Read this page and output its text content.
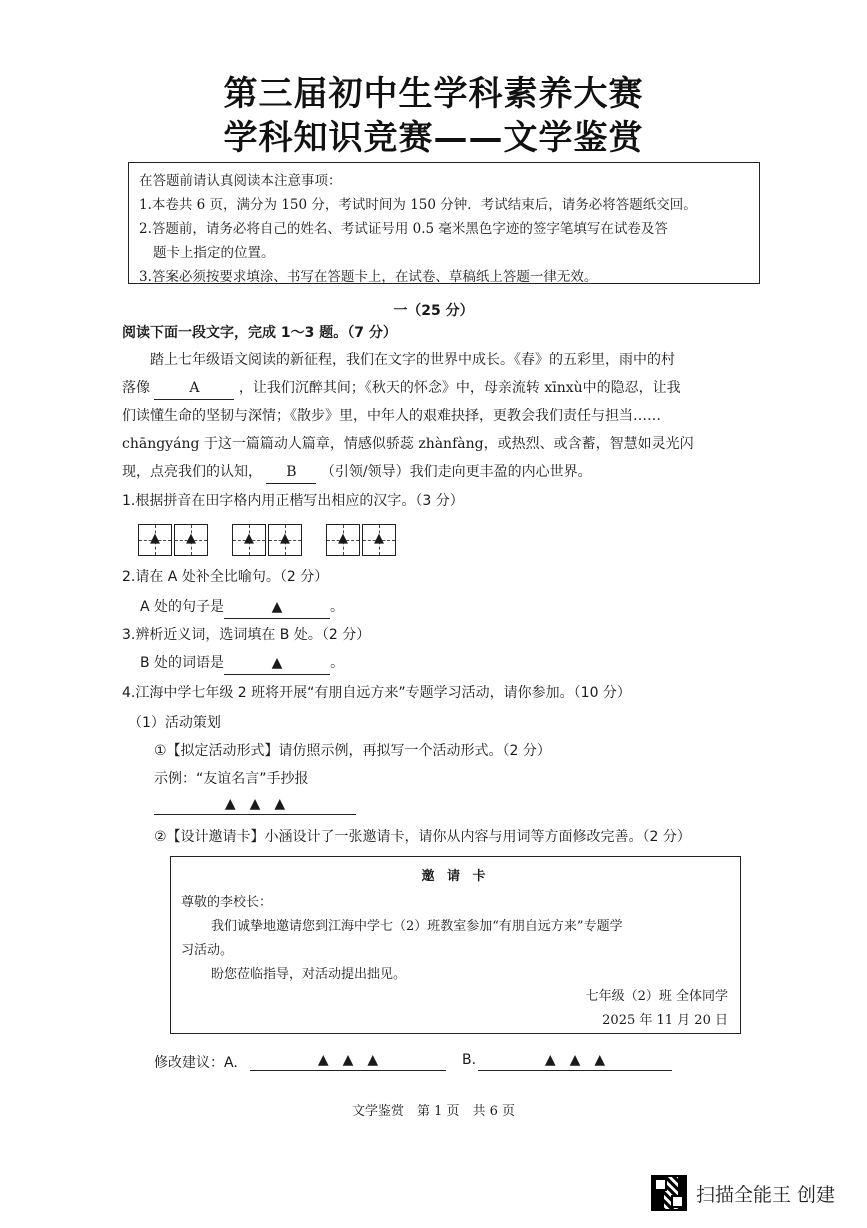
第三届初中生学科素养大赛
学科知识竞赛——文学鉴赏
在答题前请认真阅读本注意事项：
1.本卷共 6 页，满分为 150 分，考试时间为 150 分钟．考试结束后，请务必将答题纸交回。
2.答题前，请务必将自己的姓名、考试证号用 0.5 毫米黑色字迹的签字笔填写在试卷及答
题卡上指定的位置。
3.答案必须按要求填涂、书写在答题卡上，在试卷、草稿纸上答题一律无效。
一（25 分）
阅读下面一段文字，完成 1～3 题。（7 分）
踏上七年级语文阅读的新征程，我们在文字的世界中成长。《春》的五彩里，雨中的村
落像	A	，让我们沉醉其间；《秋天的怀念》中，母亲流转 xīnxù中的隐忍，让我
们读懂生命的坚韧与深情；《散步》里，中年人的艰难抉择，更教会我们责任与担当……
chāngyáng 于这一篇篇动人篇章，情感似骄蕊 zhànfàng，或热烈、或含蓄，智慧如灵光闪
现，点亮我们的认知， B （引领/领导）我们走向更丰盈的内心世界。
1.根据拼音在田字格内用正楷写出相应的汉字。（3 分）
▲	▲	▲	▲	▲	▲
2.请在 A 处补全比喻句。（2 分）
A 处的句子是	▲	。
3.辨析近义词，选词填在 B 处。（2 分）
B 处的词语是	▲	。
4.江海中学七年级 2 班将开展“有朋自远方来”专题学习活动，请你参加。（10 分）
（1）活动策划
①【拟定活动形式】请仿照示例，再拟写一个活动形式。（2 分）
示例：“友谊名言”手抄报
▲　▲　▲
②【设计邀请卡】小涵设计了一张邀请卡，请你从内容与用词等方面修改完善。（2 分）
邀 请 卡
尊敬的李校长：
我们诚挚地邀请您到江海中学七（2）班教室参加“有朋自远方来”专题学
习活动。
盼您莅临指导，对活动提出拙见。
七年级（2）班 全体同学
2025 年 11 月 20 日
修改建议：A.	▲　▲　▲	B.	▲　▲　▲
文学鉴赏　第 1 页　共 6 页
扫描全能王 创建
